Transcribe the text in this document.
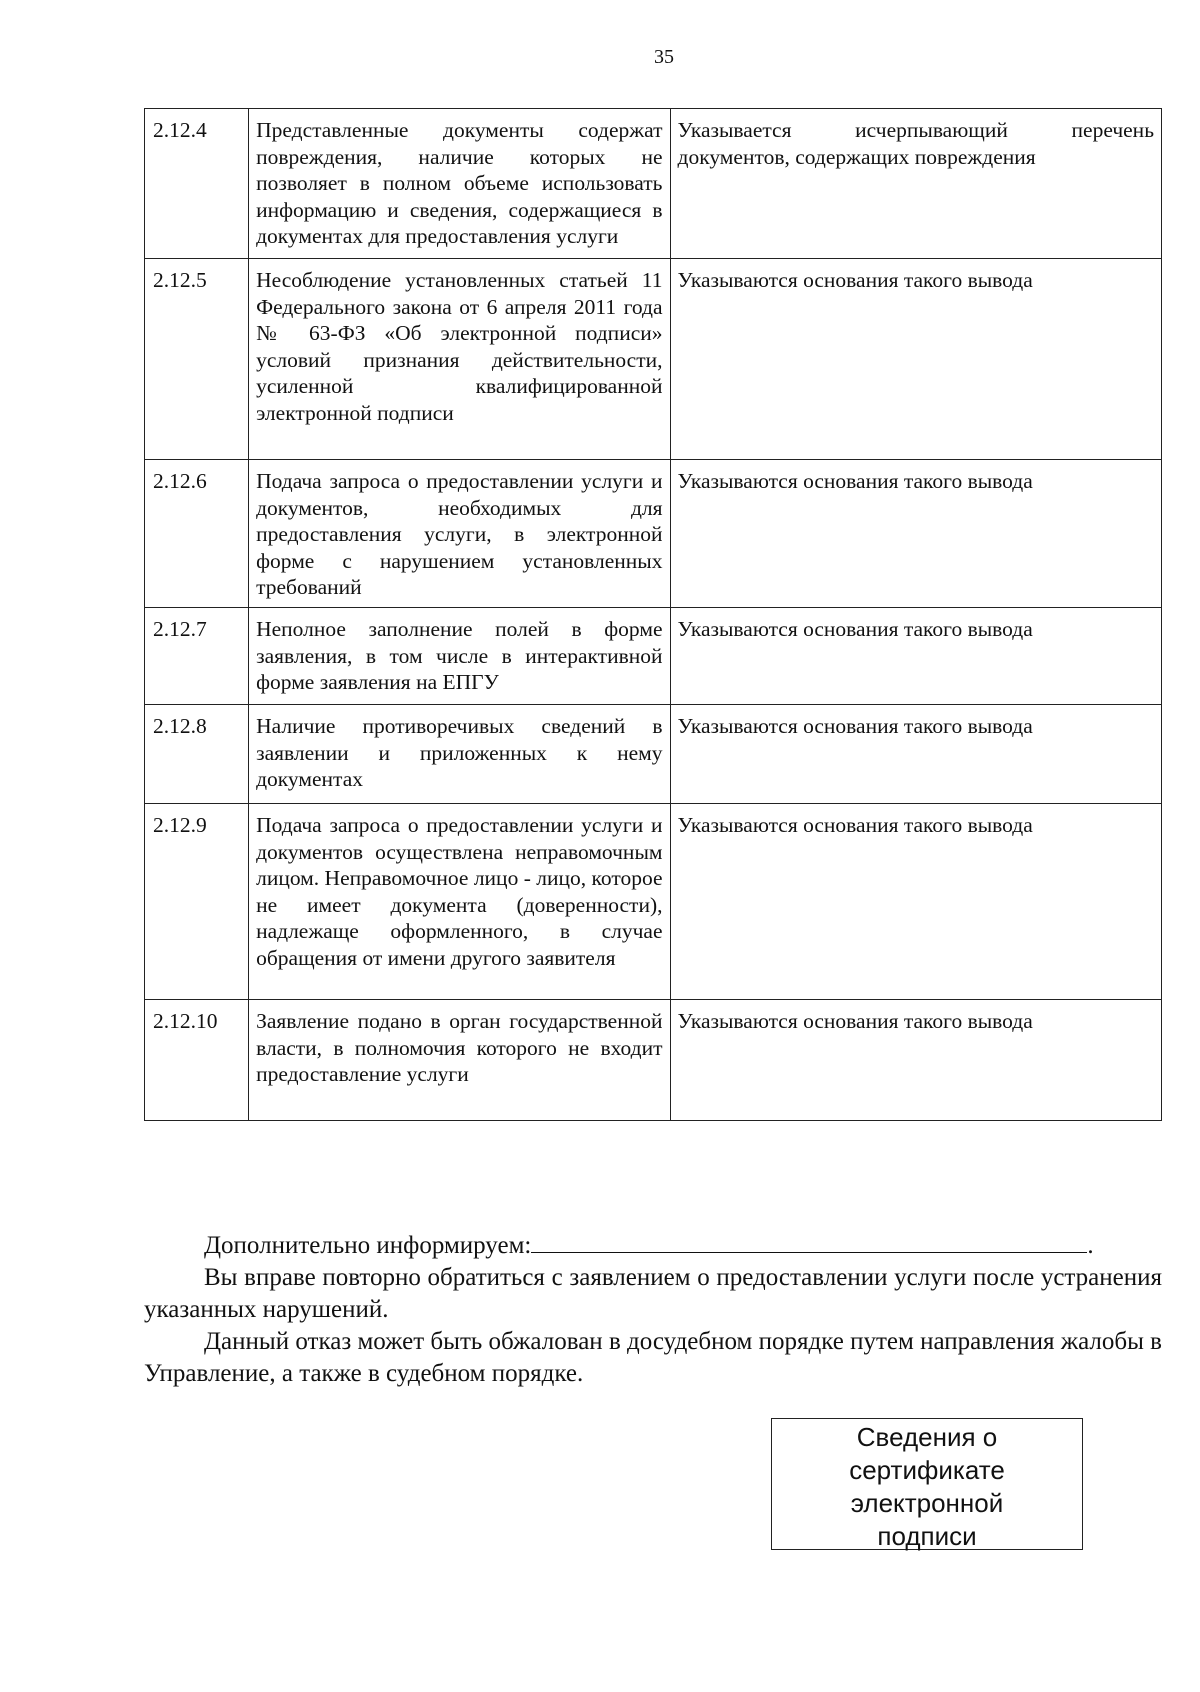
35
2.12.4	Представленные документы содержат повреждения, наличие которых не позволяет в полном объеме использовать информацию и сведения, содержащиеся в документах для предоставления услуги	Указывается исчерпывающий перечень документов, содержащих повреждения
2.12.5	Несоблюдение установленных статьей 11 Федерального закона от 6 апреля 2011 года № 63-ФЗ «Об электронной подписи» условий признания действительности, усиленной квалифицированной электронной подписи	Указываются основания такого вывода
2.12.6	Подача запроса о предоставлении услуги и документов, необходимых для предоставления услуги, в электронной форме с нарушением установленных требований	Указываются основания такого вывода
2.12.7	Неполное заполнение полей в форме заявления, в том числе в интерактивной форме заявления на ЕПГУ	Указываются основания такого вывода
2.12.8	Наличие противоречивых сведений в заявлении и приложенных к нему документах	Указываются основания такого вывода
2.12.9	Подача запроса о предоставлении услуги и документов осуществлена неправомочным лицом. Неправомочное лицо - лицо, которое не имеет документа (доверенности), надлежаще оформленного, в случае обращения от имени другого заявителя	Указываются основания такого вывода
2.12.10	Заявление подано в орган государственной власти, в полномочия которого не входит предоставление услуги	Указываются основания такого вывода

Дополнительно информируем:	.

Вы вправе повторно обратиться с заявлением о предоставлении услуги после устранения указанных нарушений.

Данный отказ может быть обжалован в досудебном порядке путем направления жалобы в Управление, а также в судебном порядке.

Сведения о
сертификате
электронной
подписи
